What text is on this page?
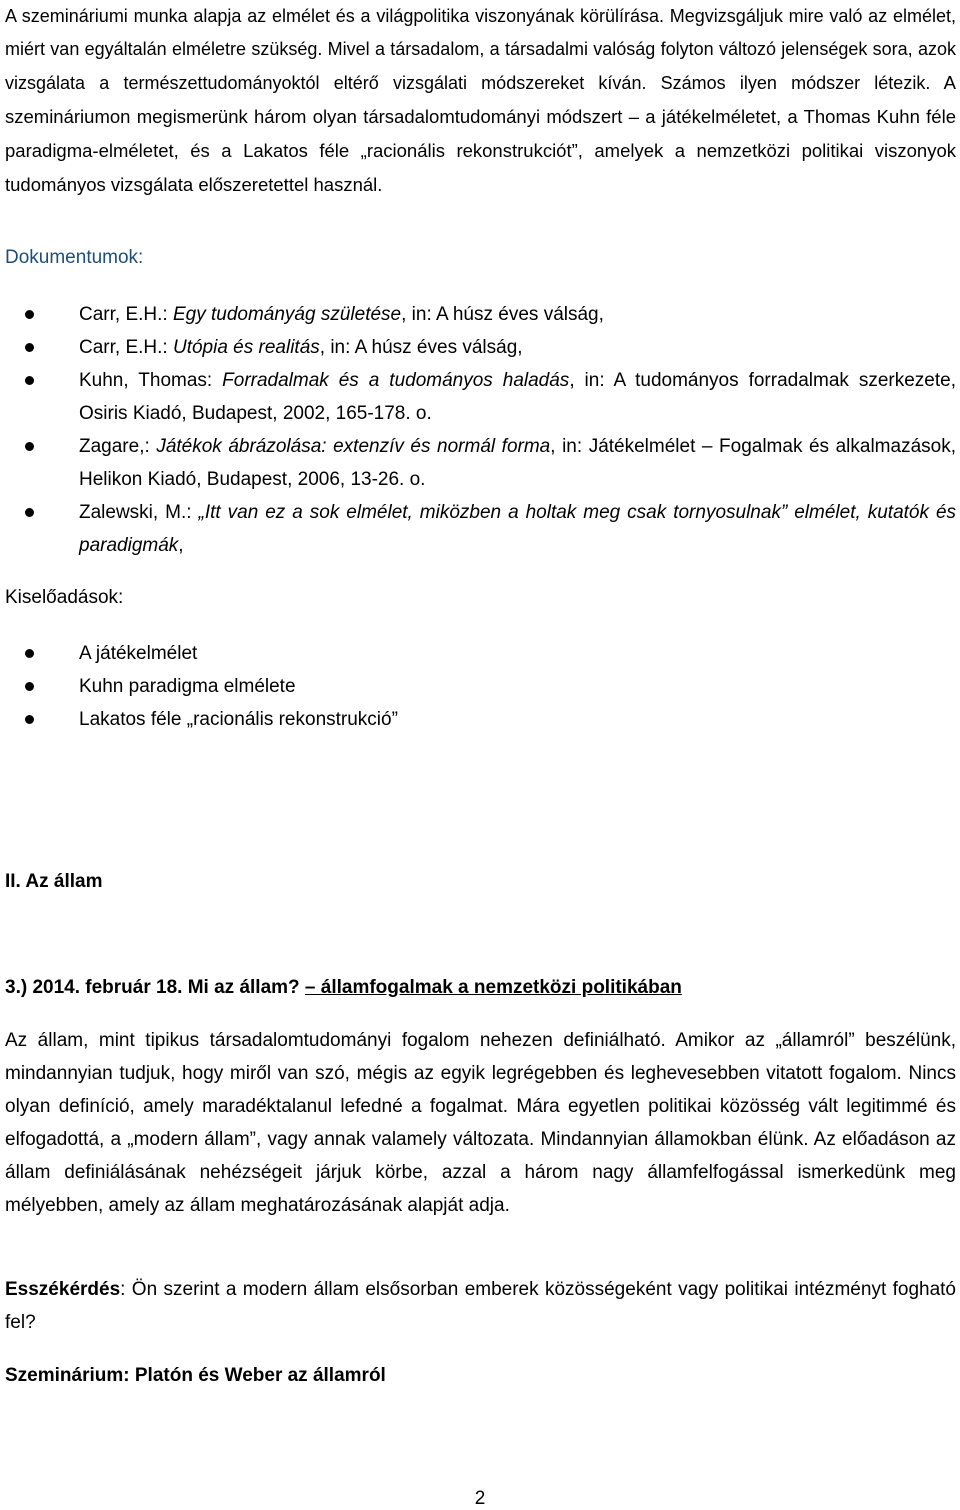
A szemináriumi munka alapja az elmélet és a világpolitika viszonyának körülírása. Megvizsgáljuk mire való az elmélet, miért van egyáltalán elméletre szükség. Mivel a társadalom, a társadalmi valóság folyton változó jelenségek sora, azok vizsgálata a természettudományoktól eltérő vizsgálati módszereket kíván. Számos ilyen módszer létezik. A szemináriumon megismerünk három olyan társadalomtudományi módszert – a játékelméletet, a Thomas Kuhn féle paradigma-elméletet, és a Lakatos féle „racionális rekonstrukciót”, amelyek a nemzetközi politikai viszonyok tudományos vizsgálata előszeretettel használ.

Dokumentumok:

Carr, E.H.: Egy tudományág születése, in: A húsz éves válság,
Carr, E.H.: Utópia és realitás, in: A húsz éves válság,
Kuhn, Thomas: Forradalmak és a tudományos haladás, in: A tudományos forradalmak szerkezete, Osiris Kiadó, Budapest, 2002, 165-178. o.
Zagare,: Játékok ábrázolása: extenzív és normál forma, in: Játékelmélet – Fogalmak és alkalmazások, Helikon Kiadó, Budapest, 2006, 13-26. o.
Zalewski, M.: „Itt van ez a sok elmélet, miközben a holtak meg csak tornyosulnak” elmélet, kutatók és paradigmák,

Kiselőadások:

A játékelmélet
Kuhn paradigma elmélete
Lakatos féle „racionális rekonstrukció”

II. Az állam

3.) 2014. február 18. Mi az állam? – államfogalmak a nemzetközi politikában

Az állam, mint tipikus társadalomtudományi fogalom nehezen definiálható. Amikor az „államról” beszélünk, mindannyian tudjuk, hogy miről van szó, mégis az egyik legrégebben és leghevesebben vitatott fogalom. Nincs olyan definíció, amely maradéktalanul lefedné a fogalmat. Mára egyetlen politikai közösség vált legitimmé és elfogadottá, a „modern állam”, vagy annak valamely változata. Mindannyian államokban élünk. Az előadáson az állam definiálásának nehézségeit járjuk körbe, azzal a három nagy államfelfogással ismerkedünk meg mélyebben, amely az állam meghatározásának alapját adja.

Esszékérdés: Ön szerint a modern állam elsősorban emberek közösségeként vagy politikai intézményt fogható fel?

Szeminárium: Platón és Weber az államról

2
